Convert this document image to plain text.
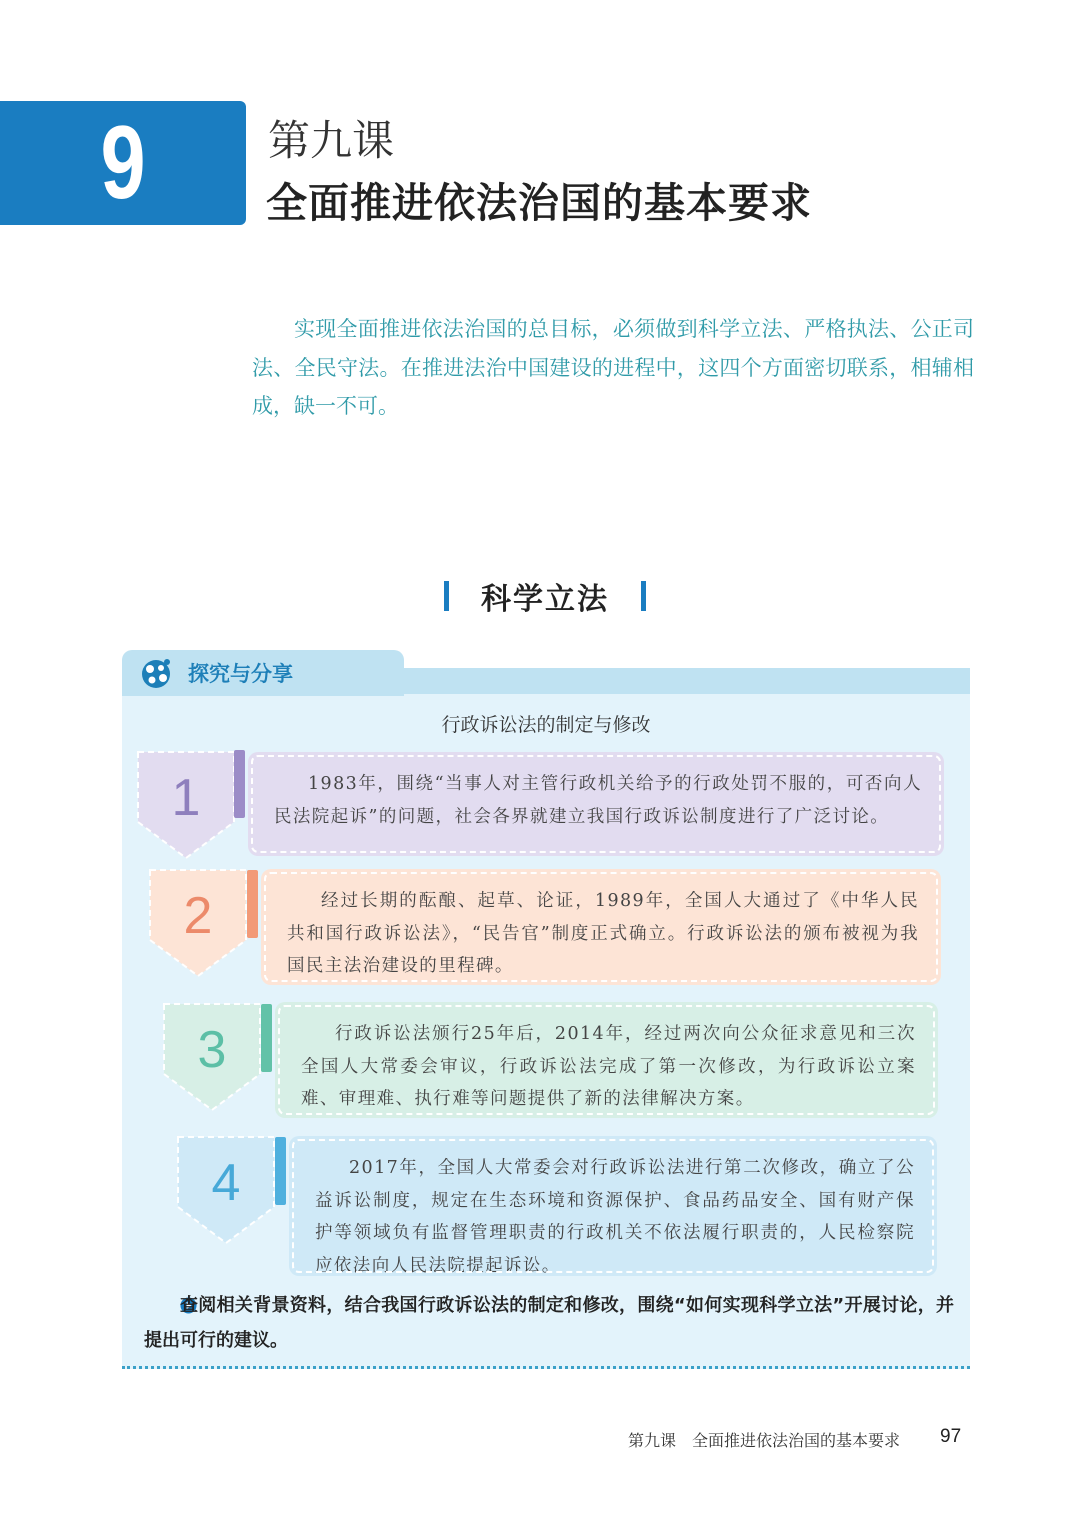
9	第九课
全面推进依法治国的基本要求

实现全面推进依法治国的总目标，必须做到科学立法、严格执法、公正司法、全民守法。在推进法治中国建设的进程中，这四个方面密切联系，相辅相成，缺一不可。

科学立法
探究与分享
行政诉讼法的制定与修改
1	1983年，围绕“当事人对主管行政机关给予的行政处罚不服的，可否向人民法院起诉”的问题，社会各界就建立我国行政诉讼制度进行了广泛讨论。
2	经过长期的酝酿、起草、论证，1989年，全国人大通过了《中华人民共和国行政诉讼法》，“民告官”制度正式确立。行政诉讼法的颁布被视为我国民主法治建设的里程碑。
3	行政诉讼法颁行25年后，2014年，经过两次向公众征求意见和三次全国人大常委会审议，行政诉讼法完成了第一次修改，为行政诉讼立案难、审理难、执行难等问题提供了新的法律解决方案。
4	2017年，全国人大常委会对行政诉讼法进行第二次修改，确立了公益诉讼制度，规定在生态环境和资源保护、食品药品安全、国有财产保护等领域负有监督管理职责的行政机关不依法履行职责的，人民检察院应依法向人民法院提起诉讼。

查阅相关背景资料，结合我国行政诉讼法的制定和修改，围绕“如何实现科学立法”开展讨论，并提出可行的建议。

第九课　全面推进依法治国的基本要求 97
